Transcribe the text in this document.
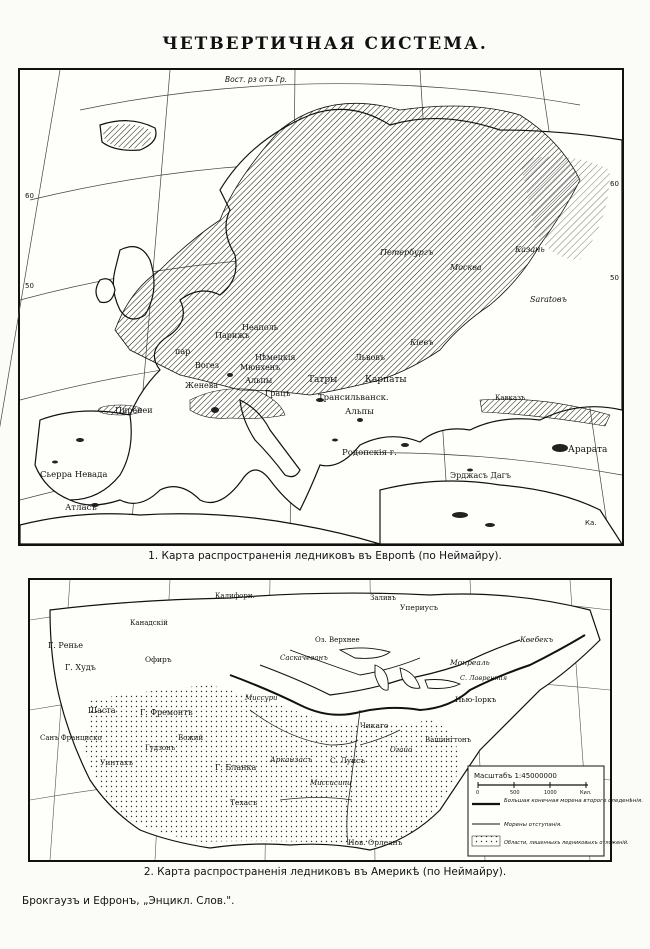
ЧЕТВЕРТИЧНАЯ СИСТЕМА.
Вост. рз отъ Гр.
Петербургъ
Москва
Казань
Saratовъ
Кіевъ
Львовъ
Татры	Карпаты
Трансильванск.
Альпы
Родопскія г.	Арарата
Эрджасъ Дагъ
Парижъ
пар
Неаполь
Мюнхенъ
Вогез
Женева
Грацъ
Альпы
Пиренеи
Сьерра Невада
Атласъ
Нѣмецкія
Кавказъ
Ка.
50
50
60
60
1. Карта распространенія ледниковъ въ Европѣ (по Неймайру).
Г. Ренье
Г. Худъ
Шаста
Санъ Франциско
Г. Фремонтъ
Уинтахъ
Гудзонъ
Божий
Г. Бланка
Арканзасъ
Канадскій
Офиръ
Калифорн.
Саскачеванъ
Миссури
Чикаго
С. Луисъ
Монреаль
Нью-Іоркъ
Нов. Орлеанъ
Квебекъ
Упериусъ
Оз. Верхнее
С. Лаврентія
Заливъ
Миссисипи
Техасъ
Огайо
Вашингтонъ
Масштабъ 1:45000000
0	500	1000	Кил.
Большая конечная морена второго оледенѣнія.
Морены отступанія.
Области, лишенныхъ ледниковыхъ отложеній.
2. Карта распространенія ледниковъ въ Америкѣ (по Неймайру).
Брокгаузъ и Ефронъ, „Энцикл. Слов.".
